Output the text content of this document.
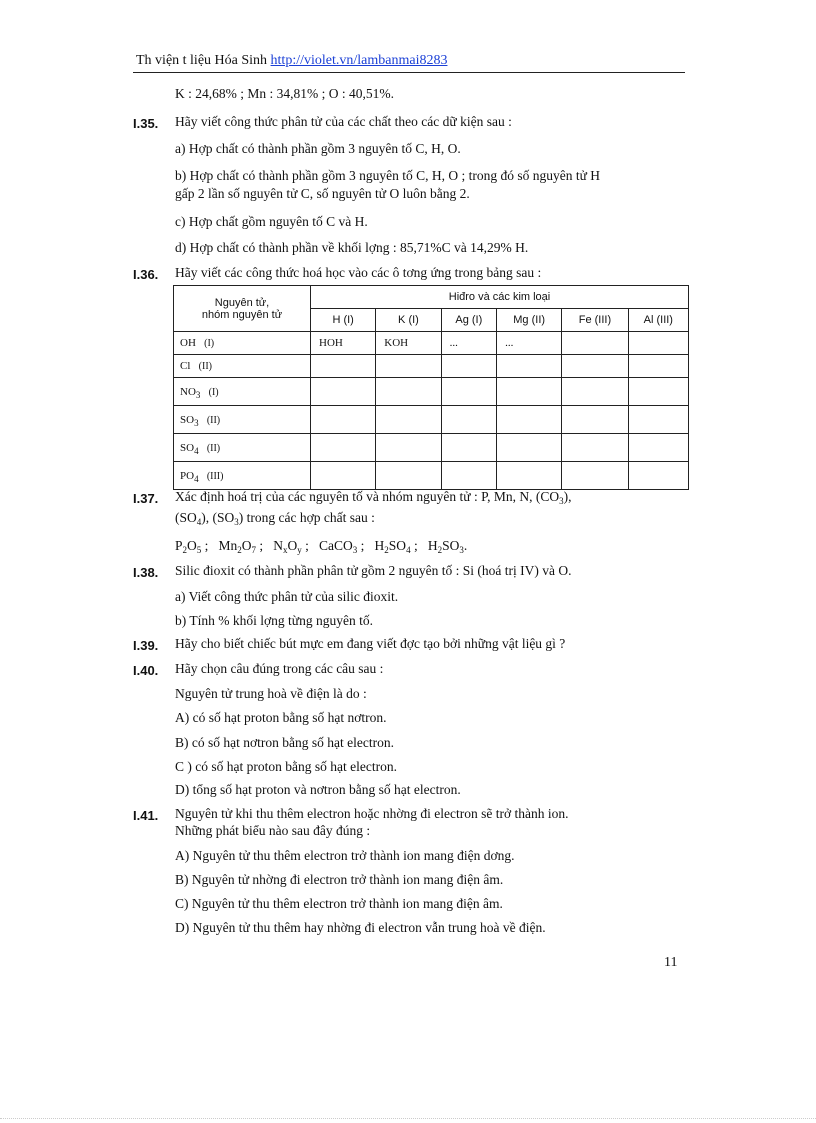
Th viện t liệu Hóa Sinh http://violet.vn/lambanmai8283
K : 24,68% ; Mn : 34,81% ; O : 40,51%.
I.35. Hãy viết công thức phân tử của các chất theo các dữ kiện sau :
a) Hợp chất có thành phần gồm 3 nguyên tố C, H, O.
b) Hợp chất có thành phần gồm 3 nguyên tố C, H, O ; trong đó số nguyên tử H
gấp 2 lần số nguyên tử C, số nguyên tử O luôn bằng 2.
c) Hợp chất gồm nguyên tố C và H.
d) Hợp chất có thành phần về khối lợng : 85,71%C và 14,29% H.
I.36. Hãy viết các công thức hoá học vào các ô tơng ứng trong bảng sau :
Nguyên tử,
nhóm nguyên tử	Hiđro và các kim loại					
	H (I)	K (I)	Ag (I)	Mg (II)	Fe (III)	Al (III)
OH (I)	HOH	KOH	...	...		
Cl (II)						
$NO_3$ (I)						
$SO_3$ (II)						
$SO_4$ (II)						
$PO_4$ (III)						
I.37. Xác định hoá trị của các nguyên tố và nhóm nguyên tử : P, Mn, N, $(CO_3)$,
$(SO_4)$, $(SO_3)$ trong các hợp chất sau :
$P_2O_5$ ;   $Mn_2O_7$ ;   $N_xO_y$ ;   CaCO$_3$ ;   $H_2SO_4$ ;   $H_2SO_3$.
I.38. Silic đioxit có thành phần phân tử gồm 2 nguyên tố : Si (hoá trị IV) và O.
a) Viết công thức phân tử của silic đioxit.
b) Tính % khối lợng từng nguyên tố.
I.39. Hãy cho biết chiếc bút mực em đang viết đợc tạo bởi những vật liệu gì ?
I.40. Hãy chọn câu đúng trong các câu sau :
Nguyên tử trung hoà về điện là do :
A) có số hạt proton bằng số hạt nơtron.
B) có số hạt nơtron bằng số hạt electron.
C ) có số hạt proton bằng số hạt electron.
D) tổng số hạt proton và nơtron bằng số hạt electron.
I.41. Nguyên tử khi thu thêm electron hoặc nhờng đi electron sẽ trở thành ion.
Những phát biểu nào sau đây đúng :
A) Nguyên tử thu thêm electron trở thành ion mang điện dơng.
B) Nguyên tử nhờng đi electron trở thành ion mang điện âm.
C) Nguyên tử thu thêm electron trở thành ion mang điện âm.
D) Nguyên tử thu thêm hay nhờng đi electron vẫn trung hoà về điện.
11
